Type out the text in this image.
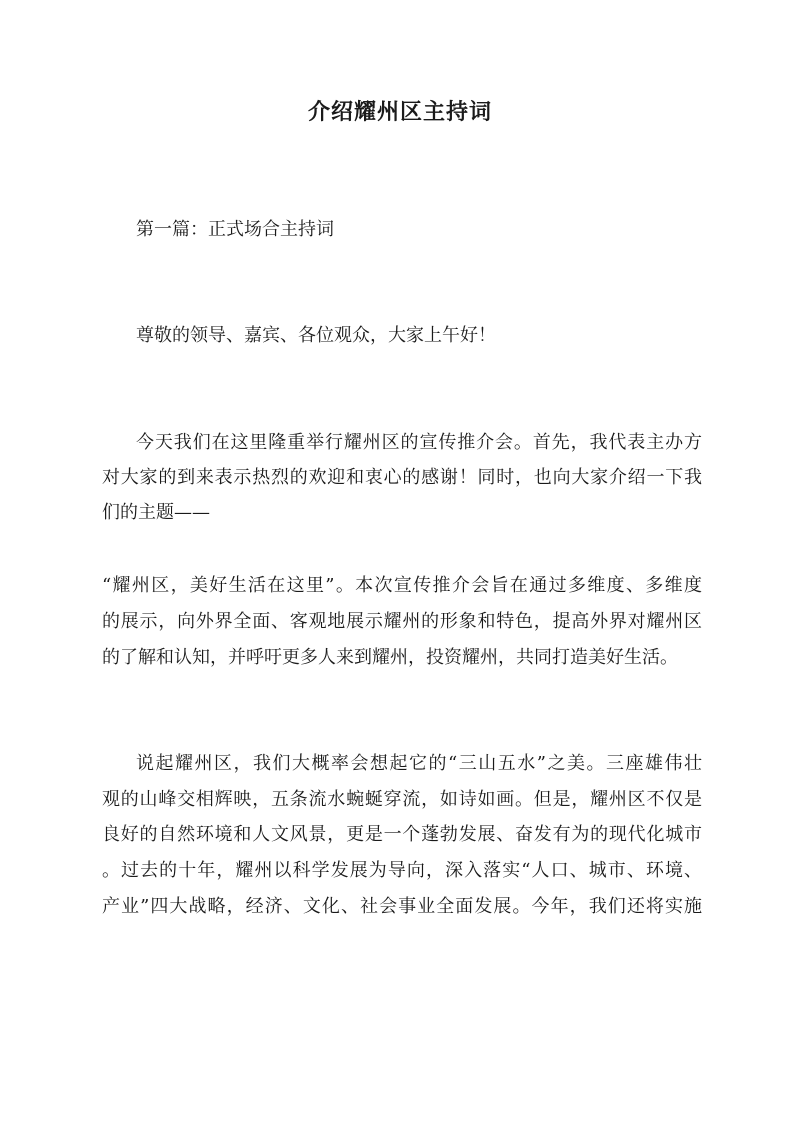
介绍耀州区主持词
第一篇：正式场合主持词
尊敬的领导、嘉宾、各位观众，大家上午好！
今天我们在这里隆重举行耀州区的宣传推介会。首先，我代表主办方
对大家的到来表示热烈的欢迎和衷心的感谢！同时，也向大家介绍一下我
们的主题——
“耀州区，美好生活在这里”。本次宣传推介会旨在通过多维度、多维度
的展示，向外界全面、客观地展示耀州的形象和特色，提高外界对耀州区
的了解和认知，并呼吁更多人来到耀州，投资耀州，共同打造美好生活。
说起耀州区，我们大概率会想起它的“三山五水”之美。三座雄伟壮
观的山峰交相辉映，五条流水蜿蜒穿流，如诗如画。但是，耀州区不仅是
良好的自然环境和人文风景，更是一个蓬勃发展、奋发有为的现代化城市
。过去的十年，耀州以科学发展为导向，深入落实“人口、城市、环境、
产业”四大战略，经济、文化、社会事业全面发展。今年，我们还将实施
